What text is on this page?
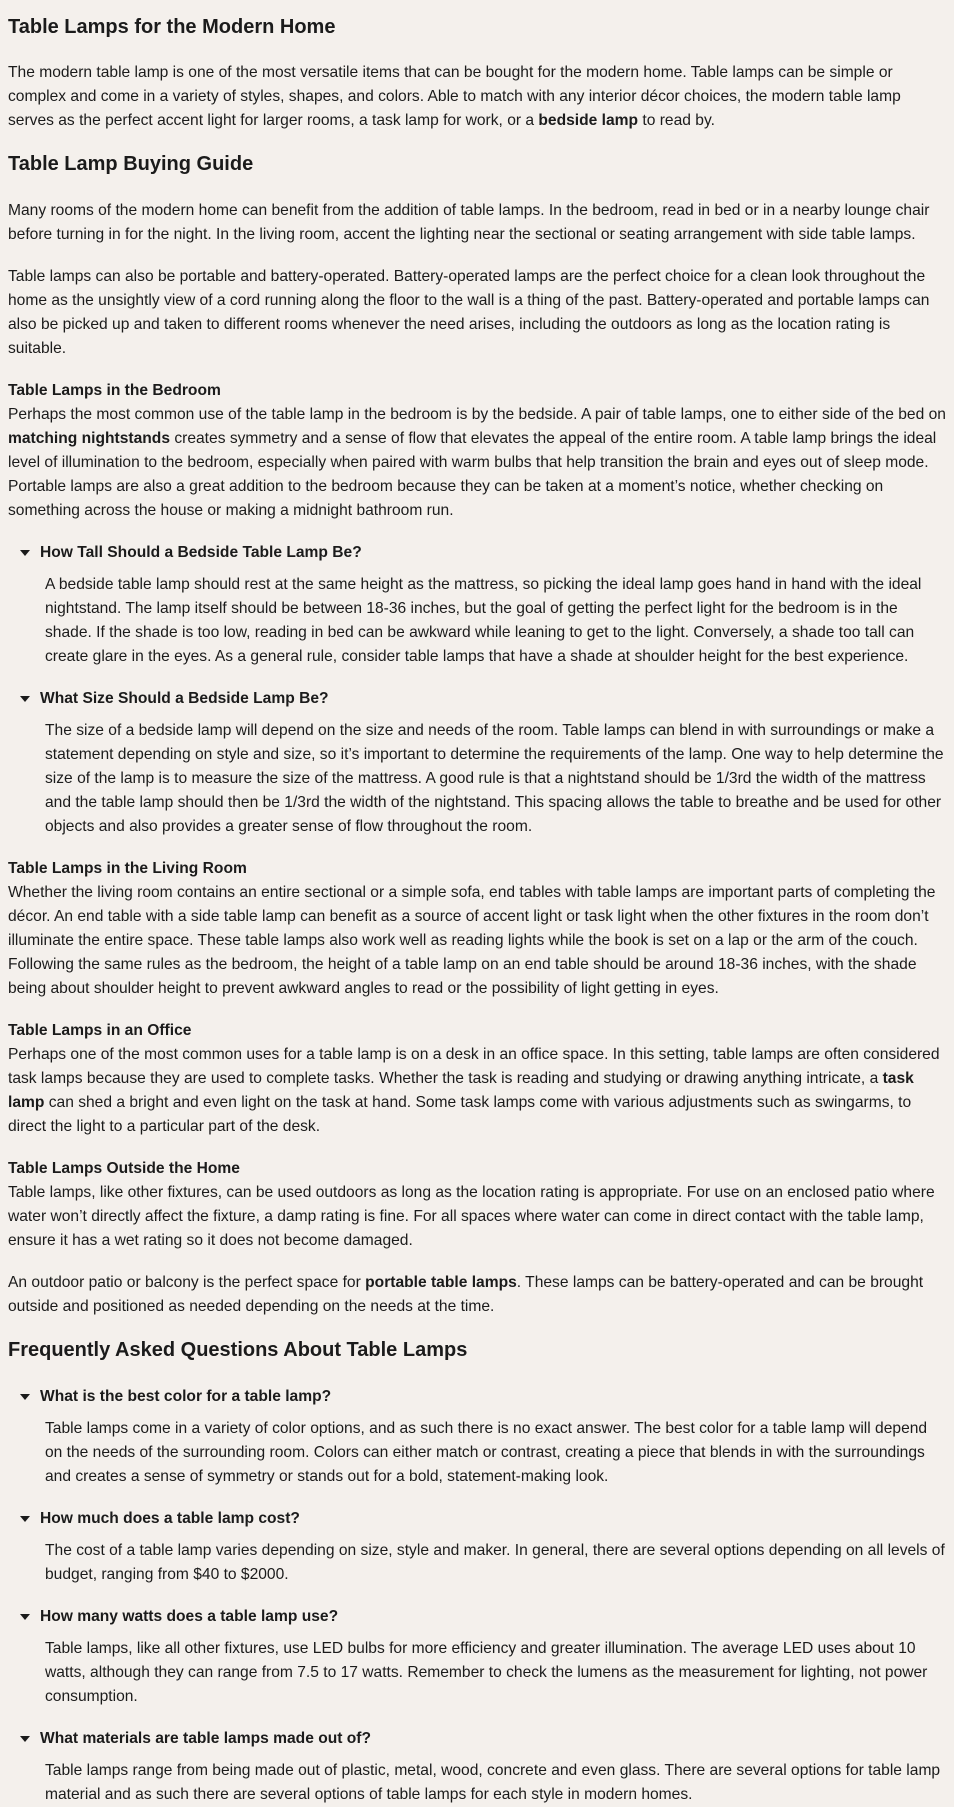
Table Lamps for the Modern Home

The modern table lamp is one of the most versatile items that can be bought for the modern home. Table lamps can be simple or complex and come in a variety of styles, shapes, and colors. Able to match with any interior décor choices, the modern table lamp serves as the perfect accent light for larger rooms, a task lamp for work, or a bedside lamp to read by.

Table Lamp Buying Guide

Many rooms of the modern home can benefit from the addition of table lamps. In the bedroom, read in bed or in a nearby lounge chair before turning in for the night. In the living room, accent the lighting near the sectional or seating arrangement with side table lamps.

Table lamps can also be portable and battery-operated. Battery-operated lamps are the perfect choice for a clean look throughout the home as the unsightly view of a cord running along the floor to the wall is a thing of the past. Battery-operated and portable lamps can also be picked up and taken to different rooms whenever the need arises, including the outdoors as long as the location rating is suitable.

Table Lamps in the Bedroom

Perhaps the most common use of the table lamp in the bedroom is by the bedside. A pair of table lamps, one to either side of the bed on matching nightstands creates symmetry and a sense of flow that elevates the appeal of the entire room. A table lamp brings the ideal level of illumination to the bedroom, especially when paired with warm bulbs that help transition the brain and eyes out of sleep mode. Portable lamps are also a great addition to the bedroom because they can be taken at a moment’s notice, whether checking on something across the house or making a midnight bathroom run.

How Tall Should a Bedside Table Lamp Be?
A bedside table lamp should rest at the same height as the mattress, so picking the ideal lamp goes hand in hand with the ideal nightstand. The lamp itself should be between 18-36 inches, but the goal of getting the perfect light for the bedroom is in the shade. If the shade is too low, reading in bed can be awkward while leaning to get to the light. Conversely, a shade too tall can create glare in the eyes. As a general rule, consider table lamps that have a shade at shoulder height for the best experience.
What Size Should a Bedside Lamp Be?
The size of a bedside lamp will depend on the size and needs of the room. Table lamps can blend in with surroundings or make a statement depending on style and size, so it’s important to determine the requirements of the lamp. One way to help determine the size of the lamp is to measure the size of the mattress. A good rule is that a nightstand should be 1/3rd the width of the mattress and the table lamp should then be 1/3rd the width of the nightstand. This spacing allows the table to breathe and be used for other objects and also provides a greater sense of flow throughout the room.
Table Lamps in the Living Room

Whether the living room contains an entire sectional or a simple sofa, end tables with table lamps are important parts of completing the décor. An end table with a side table lamp can benefit as a source of accent light or task light when the other fixtures in the room don’t illuminate the entire space. These table lamps also work well as reading lights while the book is set on a lap or the arm of the couch. Following the same rules as the bedroom, the height of a table lamp on an end table should be around 18-36 inches, with the shade being about shoulder height to prevent awkward angles to read or the possibility of light getting in eyes.

Table Lamps in an Office

Perhaps one of the most common uses for a table lamp is on a desk in an office space. In this setting, table lamps are often considered task lamps because they are used to complete tasks. Whether the task is reading and studying or drawing anything intricate, a task lamp can shed a bright and even light on the task at hand. Some task lamps come with various adjustments such as swingarms, to direct the light to a particular part of the desk.

Table Lamps Outside the Home

Table lamps, like other fixtures, can be used outdoors as long as the location rating is appropriate. For use on an enclosed patio where water won’t directly affect the fixture, a damp rating is fine. For all spaces where water can come in direct contact with the table lamp, ensure it has a wet rating so it does not become damaged.

An outdoor patio or balcony is the perfect space for portable table lamps. These lamps can be battery-operated and can be brought outside and positioned as needed depending on the needs at the time.

Frequently Asked Questions About Table Lamps
What is the best color for a table lamp?
Table lamps come in a variety of color options, and as such there is no exact answer. The best color for a table lamp will depend on the needs of the surrounding room. Colors can either match or contrast, creating a piece that blends in with the surroundings and creates a sense of symmetry or stands out for a bold, statement-making look.
How much does a table lamp cost?
The cost of a table lamp varies depending on size, style and maker. In general, there are several options depending on all levels of budget, ranging from $40 to $2000.
How many watts does a table lamp use?
Table lamps, like all other fixtures, use LED bulbs for more efficiency and greater illumination. The average LED uses about 10 watts, although they can range from 7.5 to 17 watts. Remember to check the lumens as the measurement for lighting, not power consumption.
What materials are table lamps made out of?
Table lamps range from being made out of plastic, metal, wood, concrete and even glass. There are several options for table lamp material and as such there are several options of table lamps for each style in modern homes.
